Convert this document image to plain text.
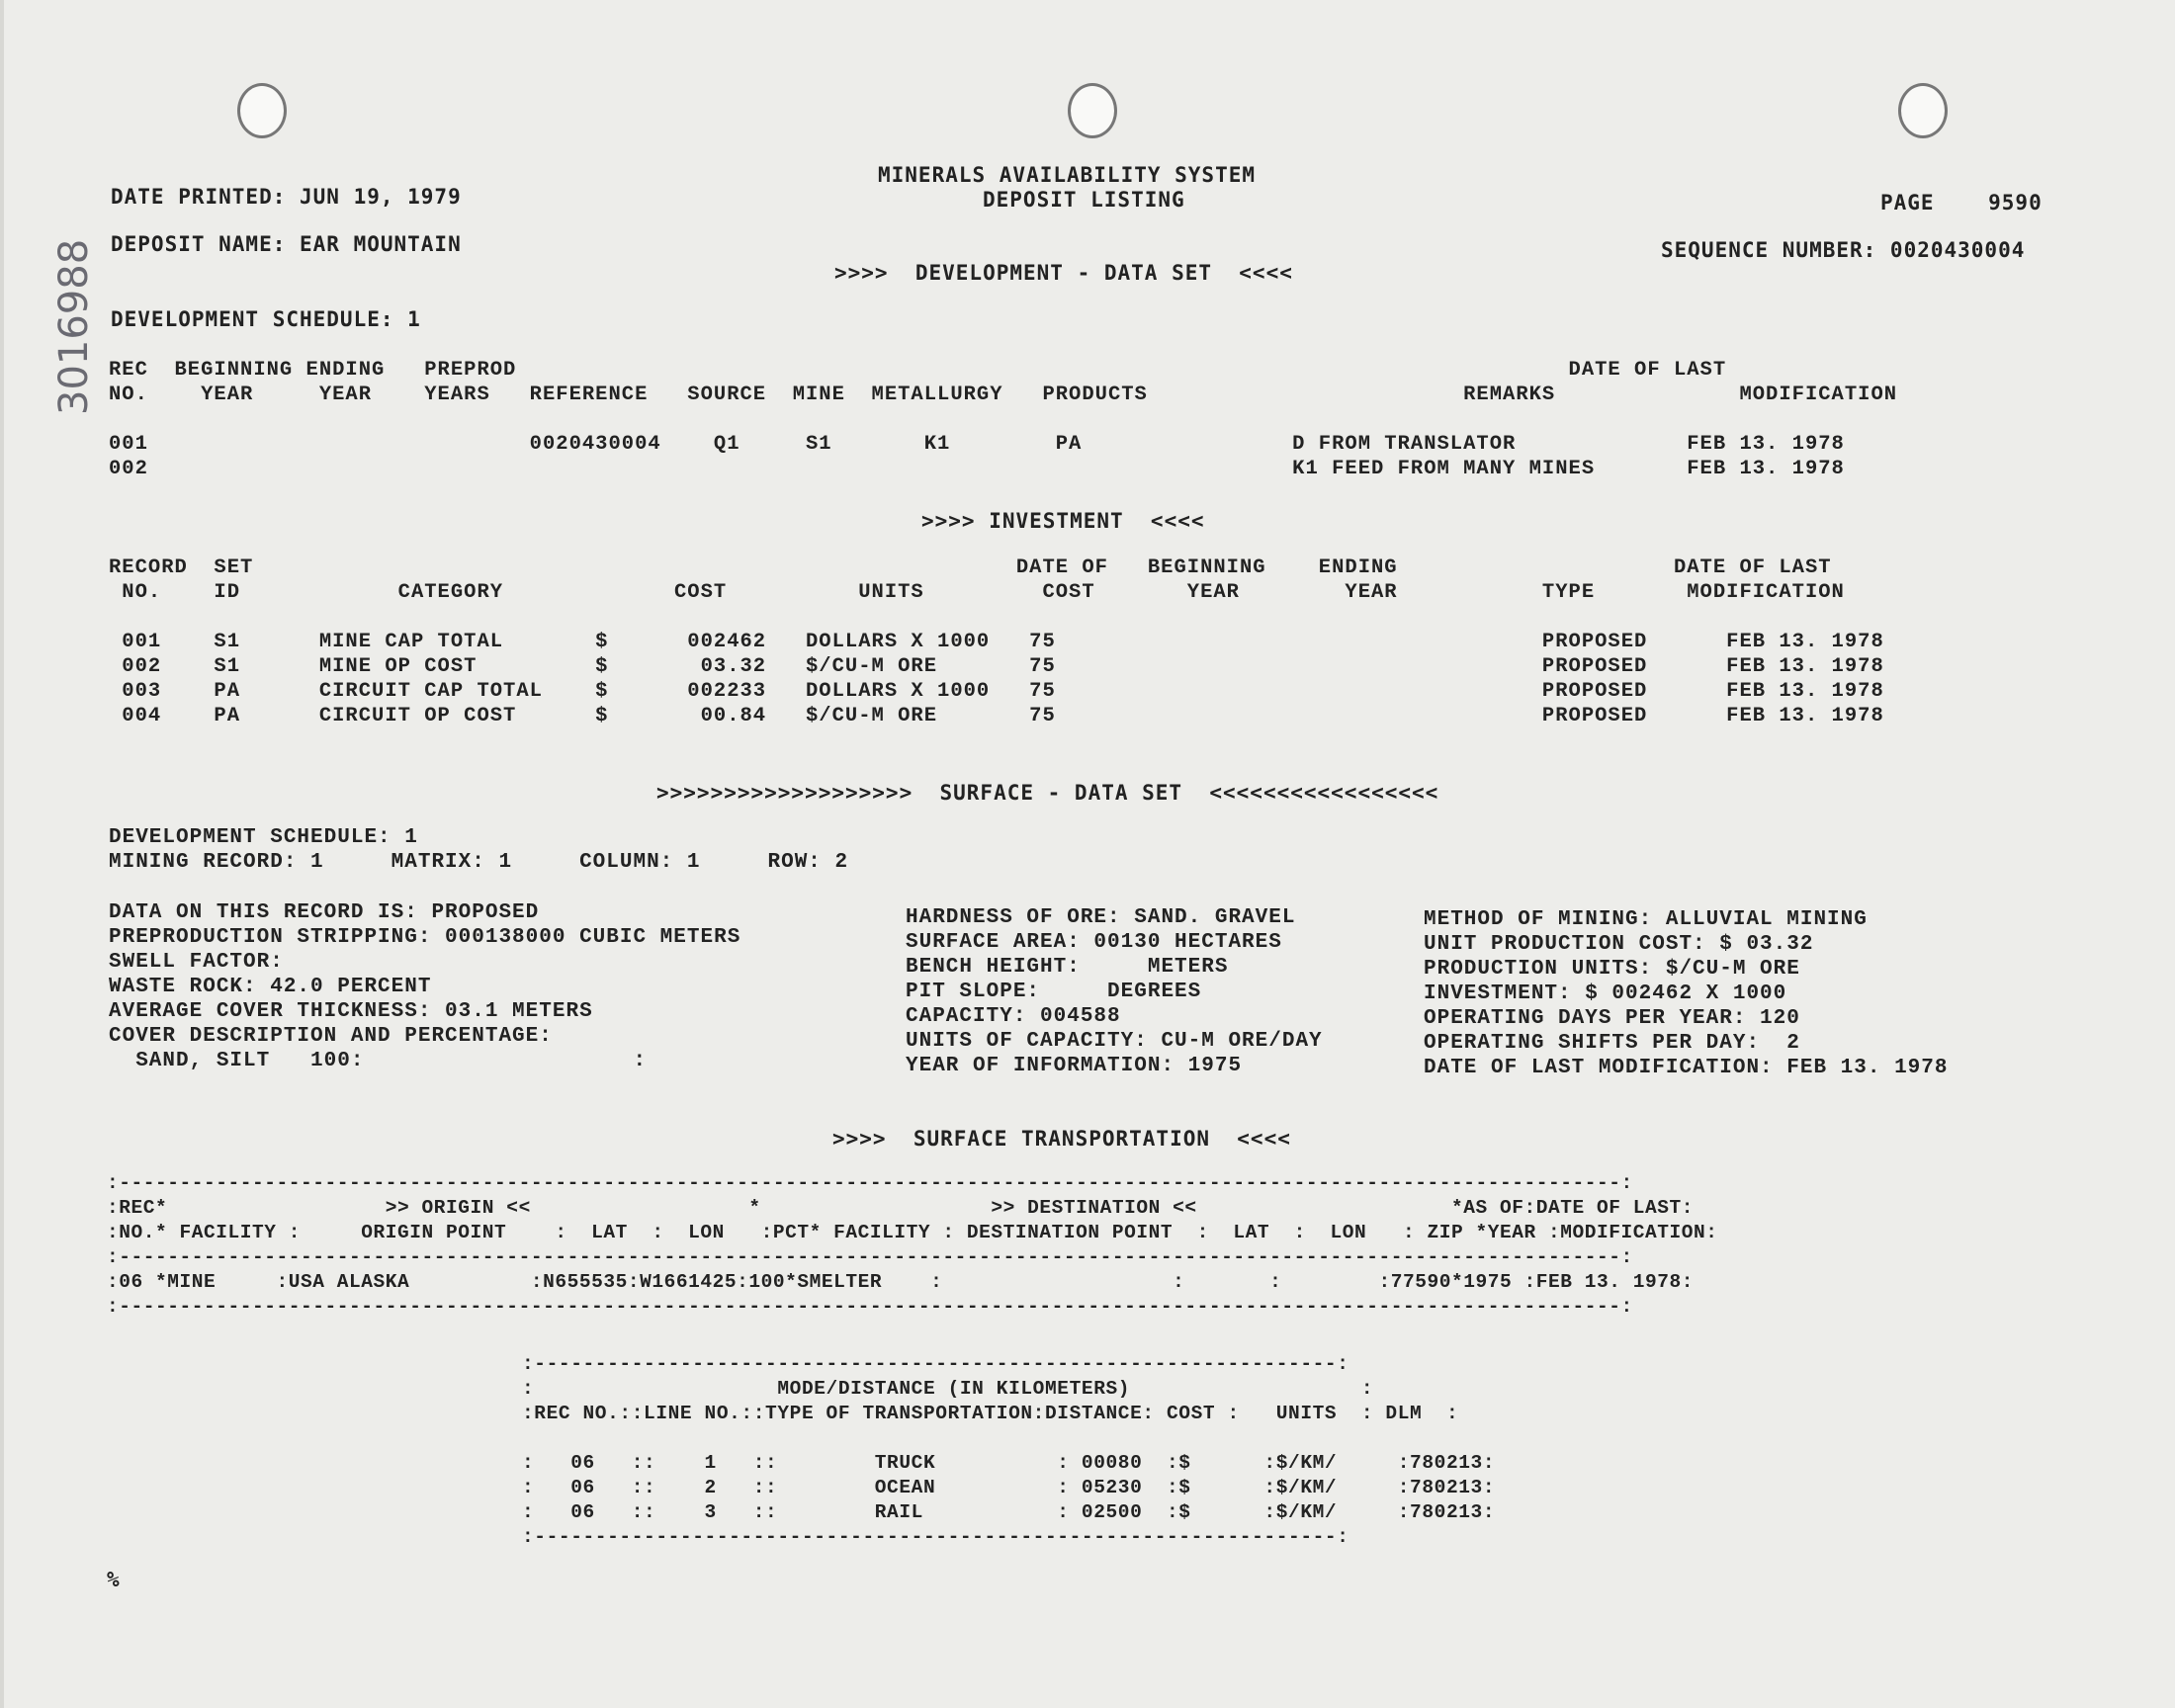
3016988
MINERALS AVAILABILITY SYSTEM
DEPOSIT LISTING
DATE PRINTED: JUN 19, 1979	PAGE    9590
DEPOSIT NAME: EAR MOUNTAIN	SEQUENCE NUMBER: 0020430004
>>>>  DEVELOPMENT - DATA SET  <<<<
DEVELOPMENT SCHEDULE: 1
REC  BEGINNING ENDING   PREPROD                                                                                DATE OF LAST
NO.    YEAR     YEAR    YEARS   REFERENCE   SOURCE  MINE  METALLURGY   PRODUCTS                        REMARKS              MODIFICATION

001                             0020430004    Q1     S1       K1        PA                D FROM TRANSLATOR             FEB 13. 1978
002                                                                                       K1 FEED FROM MANY MINES       FEB 13. 1978
>>>> INVESTMENT  <<<<
RECORD  SET                                                          DATE OF   BEGINNING    ENDING                     DATE OF LAST
NO.    ID            CATEGORY             COST          UNITS         COST       YEAR        YEAR           TYPE       MODIFICATION

001    S1      MINE CAP TOTAL       $      002462   DOLLARS X 1000   75                                     PROPOSED      FEB 13. 1978
002    S1      MINE OP COST         $       03.32   $/CU-M ORE       75                                     PROPOSED      FEB 13. 1978
003    PA      CIRCUIT CAP TOTAL    $      002233   DOLLARS X 1000   75                                     PROPOSED      FEB 13. 1978
004    PA      CIRCUIT OP COST      $       00.84   $/CU-M ORE       75                                     PROPOSED      FEB 13. 1978
>>>>>>>>>>>>>>>>>>>  SURFACE - DATA SET  <<<<<<<<<<<<<<<<<
DEVELOPMENT SCHEDULE: 1
MINING RECORD: 1     MATRIX: 1     COLUMN: 1     ROW: 2
DATA ON THIS RECORD IS: PROPOSED
PREPRODUCTION STRIPPING: 000138000 CUBIC METERS
SWELL FACTOR:
WASTE ROCK: 42.0 PERCENT
AVERAGE COVER THICKNESS: 03.1 METERS
COVER DESCRIPTION AND PERCENTAGE:
SAND, SILT   100:                    :
HARDNESS OF ORE: SAND. GRAVEL
SURFACE AREA: 00130 HECTARES
BENCH HEIGHT:     METERS
PIT SLOPE:     DEGREES
CAPACITY: 004588
UNITS OF CAPACITY: CU-M ORE/DAY
YEAR OF INFORMATION: 1975
METHOD OF MINING: ALLUVIAL MINING
UNIT PRODUCTION COST: $ 03.32
PRODUCTION UNITS: $/CU-M ORE
INVESTMENT: $ 002462 X 1000
OPERATING DAYS PER YEAR: 120
OPERATING SHIFTS PER DAY:  2
DATE OF LAST MODIFICATION: FEB 13. 1978
>>>>  SURFACE TRANSPORTATION  <<<<
:----------------------------------------------------------------------------------------------------------------------------:
:REC*                  >> ORIGIN <<                  *                   >> DESTINATION <<                     *AS OF:DATE OF LAST:
:NO.* FACILITY :     ORIGIN POINT    :  LAT  :  LON   :PCT* FACILITY : DESTINATION POINT  :  LAT  :  LON   : ZIP *YEAR :MODIFICATION:
:----------------------------------------------------------------------------------------------------------------------------:
:06 *MINE     :USA ALASKA          :N655535:W1661425:100*SMELTER    :                   :       :        :77590*1975 :FEB 13. 1978:
:----------------------------------------------------------------------------------------------------------------------------:
:------------------------------------------------------------------:
:                    MODE/DISTANCE (IN KILOMETERS)                   :
:REC NO.::LINE NO.::TYPE OF TRANSPORTATION:DISTANCE: COST :   UNITS  : DLM  :

:   06   ::    1   ::        TRUCK          : 00080  :$      :$/KM/     :780213:
:   06   ::    2   ::        OCEAN          : 05230  :$      :$/KM/     :780213:
:   06   ::    3   ::        RAIL           : 02500  :$      :$/KM/     :780213:
:------------------------------------------------------------------:
%
